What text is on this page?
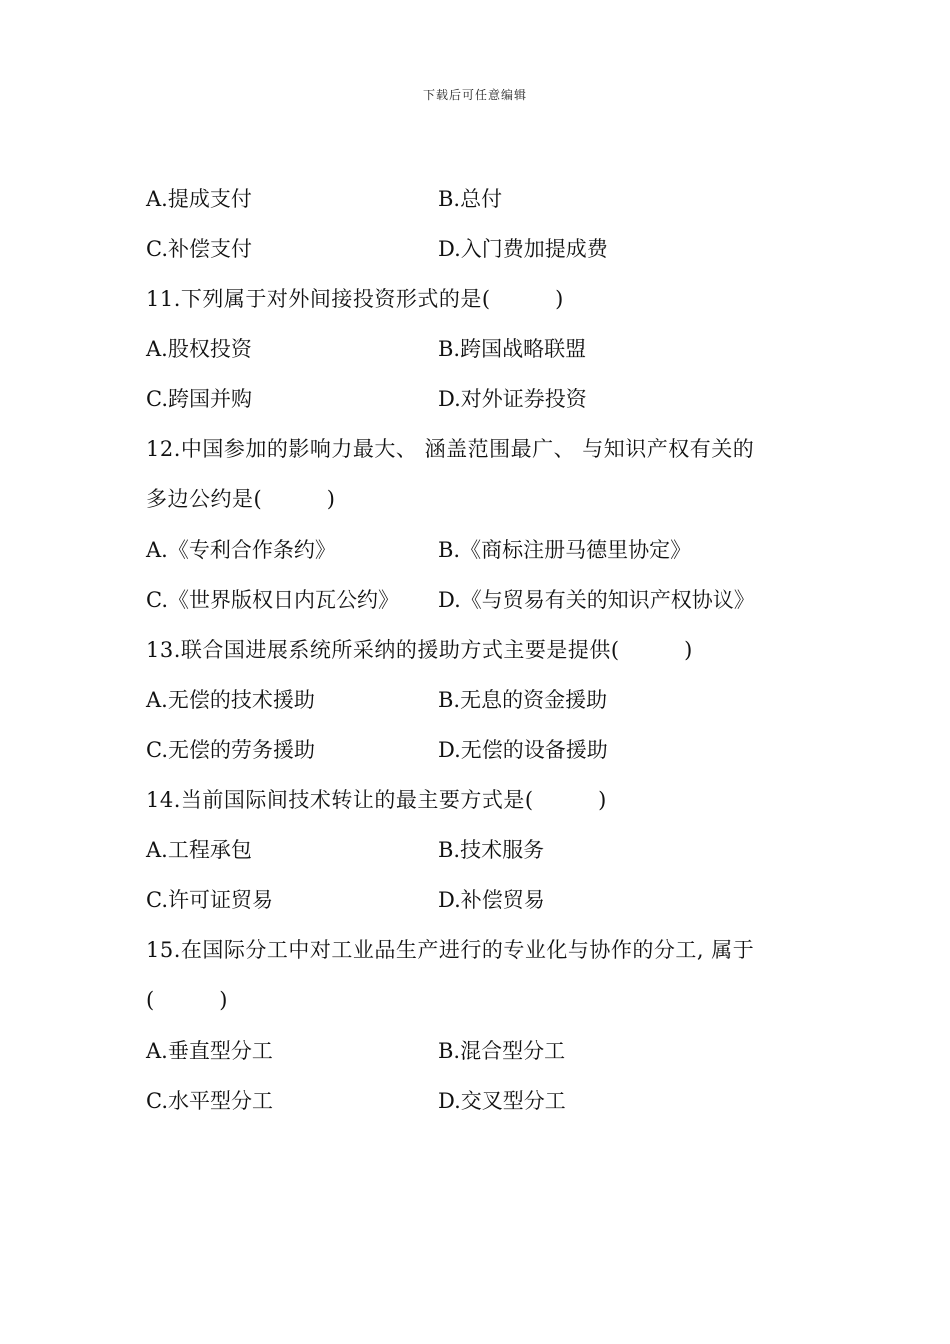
下载后可任意编辑
A.提成支付	B.总付
C.补偿支付	D.入门费加提成费
11.下列属于对外间接投资形式的是(　　　)
A.股权投资	B.跨国战略联盟
C.跨国并购	D.对外证券投资
12.中国参加的影响力最大、 涵盖范围最广、 与知识产权有关的
多边公约是(　　　)
A.《专利合作条约》	B.《商标注册马德里协定》
C.《世界版权日内瓦公约》 D.《与贸易有关的知识产权协议》
13.联合国进展系统所采纳的援助方式主要是提供(　　　)
A.无偿的技术援助	B.无息的资金援助
C.无偿的劳务援助	D.无偿的设备援助
14.当前国际间技术转让的最主要方式是(　　　)
A.工程承包	B.技术服务
C.许可证贸易	D.补偿贸易
15.在国际分工中对工业品生产进行的专业化与协作的分工, 属于
(　　　)
A.垂直型分工	B.混合型分工
C.水平型分工	D.交叉型分工
